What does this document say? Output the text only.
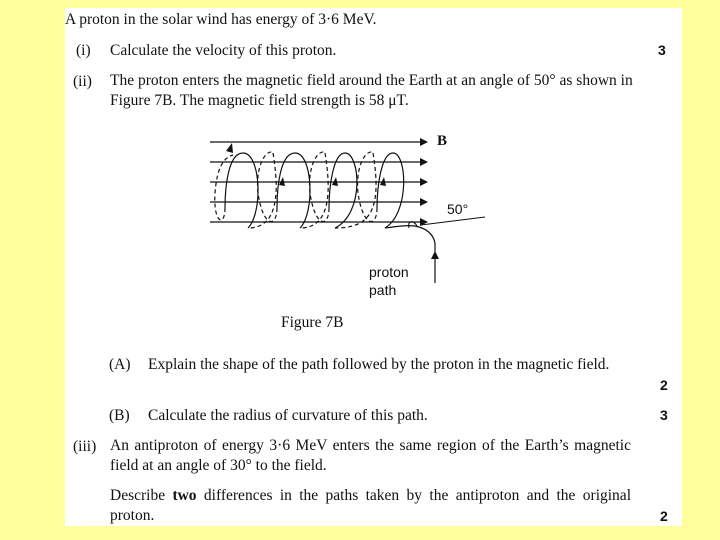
A proton in the solar wind has energy of 3·6 MeV.
(i) Calculate the velocity of this proton.	3
(ii) The proton enters the magnetic field around the Earth at an angle of 50° as shown in Figure 7B. The magnetic field strength is 58 μT.
B
50°
proton
path
Figure 7B
(A) Explain the shape of the path followed by the proton in the magnetic field.
2
(B) Calculate the radius of curvature of this path.	3
(iii) An antiproton of energy 3·6 MeV enters the same region of the Earth’s magnetic field at an angle of 30° to the field.
Describe two differences in the paths taken by the antiproton and the original proton.	2
